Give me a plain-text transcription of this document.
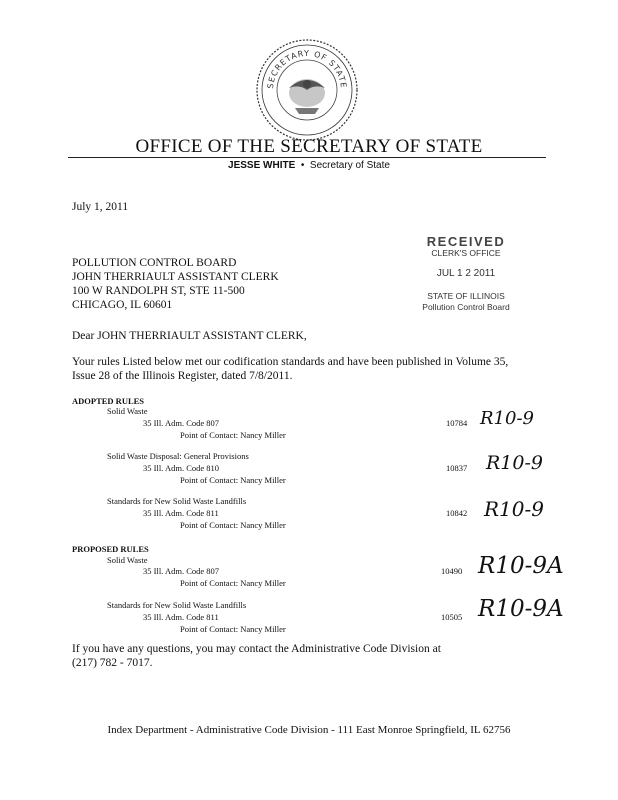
SECRETARY OF STATE
OFFICE OF THE SECRETARY OF STATE
JESSE WHITE  •  Secretary of State
July 1, 2011
RECEIVED
CLERK'S OFFICE
JUL 1 2 2011
STATE OF ILLINOIS
Pollution Control Board
POLLUTION CONTROL BOARD
JOHN THERRIAULT ASSISTANT CLERK
100 W RANDOLPH ST, STE 11-500
CHICAGO, IL 60601
Dear JOHN THERRIAULT ASSISTANT CLERK,
Your rules Listed below met our codification standards and have been published in Volume 35,
Issue 28 of the Illinois Register, dated 7/8/2011.
ADOPTED RULES
Solid Waste
35 Ill. Adm. Code 807
Point of Contact: Nancy Miller
10784 R10-9
Solid Waste Disposal: General Provisions
35 Ill. Adm. Code 810
Point of Contact: Nancy Miller
10837 R10-9
Standards for New Solid Waste Landfills
35 Ill. Adm. Code 811
Point of Contact: Nancy Miller
10842 R10-9
PROPOSED RULES
Solid Waste
35 Ill. Adm. Code 807
Point of Contact: Nancy Miller
10490 R10-9A
Standards for New Solid Waste Landfills
35 Ill. Adm. Code 811
Point of Contact: Nancy Miller
10505 R10-9A
If you have any questions, you may contact the Administrative Code Division at
(217) 782 - 7017.
Index Department - Administrative Code Division - 111 East Monroe Springfield, IL 62756
